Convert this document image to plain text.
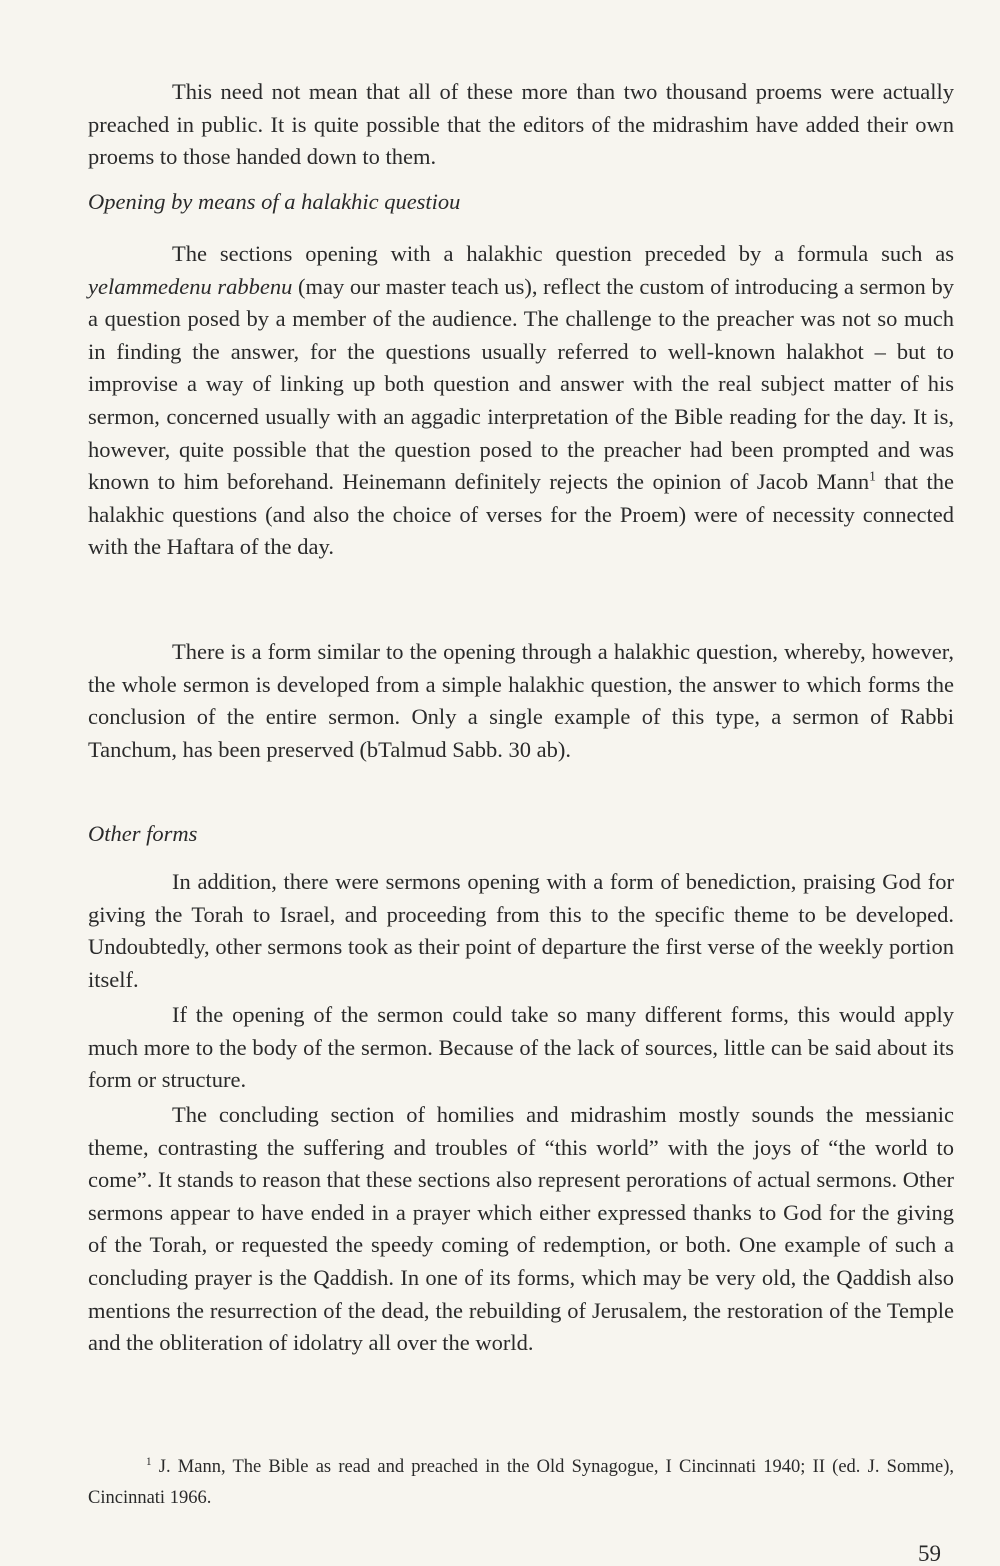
This need not mean that all of these more than two thousand proems were actually preached in public. It is quite possible that the editors of the midrashim have added their own proems to those handed down to them.

Opening by means of a halakhic questiou

The sections opening with a halakhic question preceded by a formula such as yelammedenu rabbenu (may our master teach us), reflect the custom of introducing a sermon by a question posed by a member of the audience. The challenge to the preacher was not so much in finding the answer, for the questions usually referred to well-known halakhot – but to improvise a way of linking up both question and answer with the real subject matter of his sermon, concerned usually with an aggadic interpretation of the Bible reading for the day. It is, however, quite possible that the question posed to the preacher had been prompted and was known to him beforehand. Heinemann definitely rejects the opinion of Jacob Mann$^1$ that the halakhic questions (and also the choice of verses for the Proem) were of necessity connected with the Haftara of the day.

There is a form similar to the opening through a halakhic question, whereby, however, the whole sermon is developed from a simple halakhic question, the answer to which forms the conclusion of the entire sermon. Only a single example of this type, a sermon of Rabbi Tanchum, has been preserved (bTalmud Sabb. 30 ab).

Other forms

In addition, there were sermons opening with a form of benediction, praising God for giving the Torah to Israel, and proceeding from this to the specific theme to be developed. Undoubtedly, other sermons took as their point of departure the first verse of the weekly portion itself.

If the opening of the sermon could take so many different forms, this would apply much more to the body of the sermon. Because of the lack of sources, little can be said about its form or structure.

The concluding section of homilies and midrashim mostly sounds the messianic theme, contrasting the suffering and troubles of “this world” with the joys of “the world to come”. It stands to reason that these sections also represent perorations of actual sermons. Other sermons appear to have ended in a prayer which either expressed thanks to God for the giving of the Torah, or requested the speedy coming of redemption, or both. One example of such a concluding prayer is the Qaddish. In one of its forms, which may be very old, the Qaddish also mentions the resurrection of the dead, the rebuilding of Jerusalem, the restoration of the Temple and the obliteration of idolatry all over the world.

$^1$ J. Mann, The Bible as read and preached in the Old Synagogue, I Cincinnati 1940; II (ed. J. Somme), Cincinnati 1966.

59
